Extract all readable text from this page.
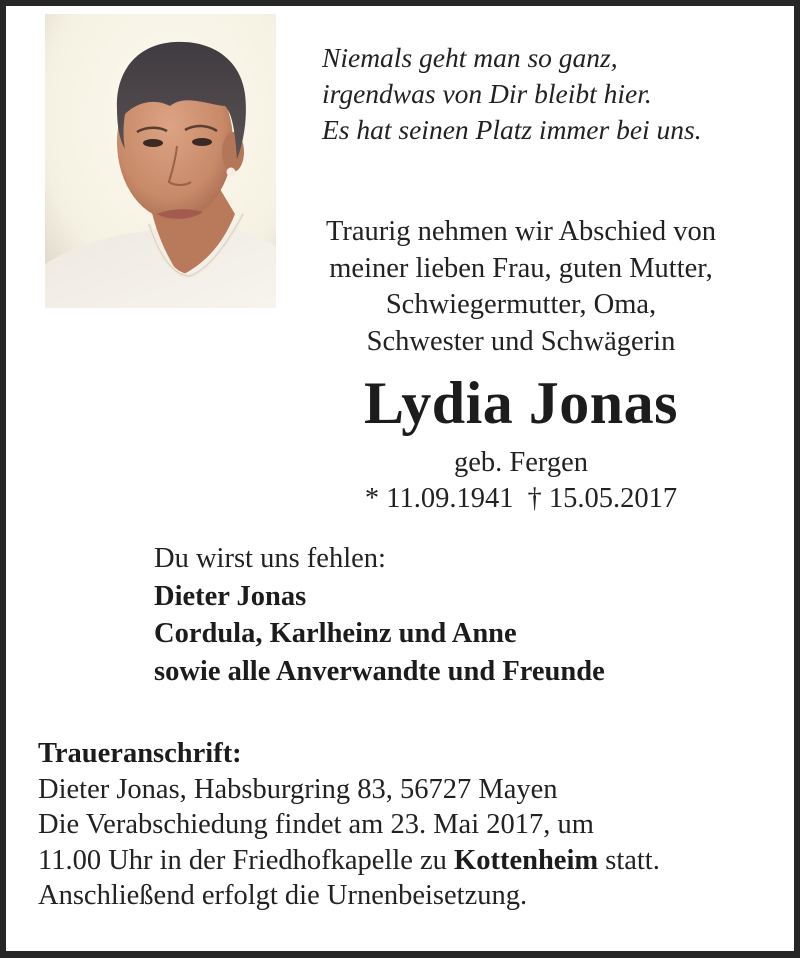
Niemals geht man so ganz,
irgendwas von Dir bleibt hier.
Es hat seinen Platz immer bei uns.
Traurig nehmen wir Abschied von
meiner lieben Frau, guten Mutter,
Schwiegermutter, Oma,
Schwester und Schwägerin
Lydia Jonas
geb. Fergen
* 11.09.1941 † 15.05.2017
Du wirst uns fehlen:
Dieter Jonas
Cordula, Karlheinz und Anne
sowie alle Anverwandte und Freunde
Traueranschrift:
Dieter Jonas, Habsburgring 83, 56727 Mayen
Die Verabschiedung findet am 23. Mai 2017, um
11.00 Uhr in der Friedhofkapelle zu Kottenheim statt.
Anschließend erfolgt die Urnenbeisetzung.
